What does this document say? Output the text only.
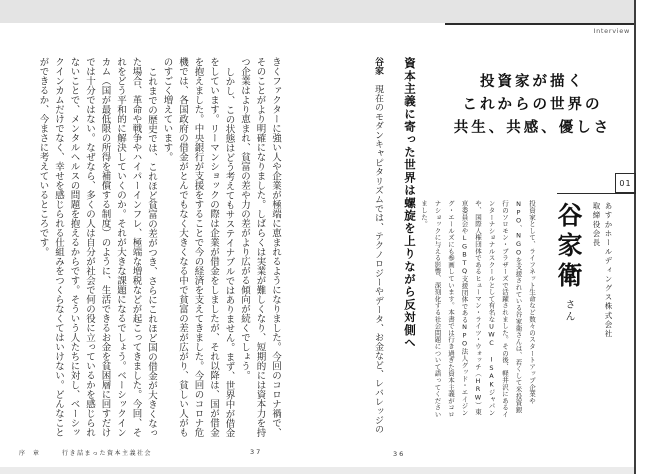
Interview
投資家が描く
これからの世界の
共生、共感、優しさ
01

あすかホールディングス株式会社

取締役会長

谷家衛さん

投資家として、ライフネット生命など数々のスタートアップ企業やNPO、NGOを支援されている谷家衛さんは、若くして米投資銀行のソロモン・ブラザーズで活躍されました。その後、軽井沢にあるインターナショナルスクールとして有名なUWC ISAKジャパンや、国際人権団体であるヒューマン・ライツ・ウォッチ（HRW）東京委員会やLGBTQ支援団体であるNPO法人グッド・エイジング・エールズにも参画しています。本書では行き過ぎた資本主義がコロナショックに与える影響、深刻化する社会問題について語ってくださいました。

資本主義に寄った世界は螺旋を上りながら反対側へ

谷家現在のモダンキャピタリズムでは、テクノロジーやデータ、お金など、レバレッジの

36

きくファクターに強い人や企業が極端に恵まれるようになりました。今回のコロナ禍で、そのことがより明確になりました。しばらくは実業が難しくなり、短期的には資本力を持つ企業はより恵まれ、貧富の差や力の差がより広がる傾向が続くでしょう。

しかし、この状態はどう考えてもサステイナブルではありません。まず、世界中が借金をしています。リーマンショックの際は企業が借金をしましたが、それ以降は、国が借金を抱えました。中央銀行が支援をすることで今の経済を支えてきました。今回のコロナ危機では、各国政府の借金がとんでもなく大きくなる中で貧富の差が広がり、貧しい人がものすごく増えています。

これまでの歴史では、これほど貧富の差がつき、さらにこれほど国の借金が大きくなった場合、革命や戦争やハイパーインフレ、極端な増税などが起こってきました。今回、それをどう平和的に解決していくのか。それが大きな課題になるでしょう。ベーシックインカム（国が最低限の所得を補償する制度）のように、生活できるお金を貧困層に回すだけでは十分ではない。なぜなら、多くの人は自分が社会で何の役に立っているかを感じられないことで、メンタルヘルスの問題を抱えるからです。そういう人たちに対し、ベーシックインカムだけでなく、幸せを感じられる仕組みをつくらなくてはいけない。どんなことができるか、今まさに考えているところです。

序 章	行き詰まった資本主義社会	37
